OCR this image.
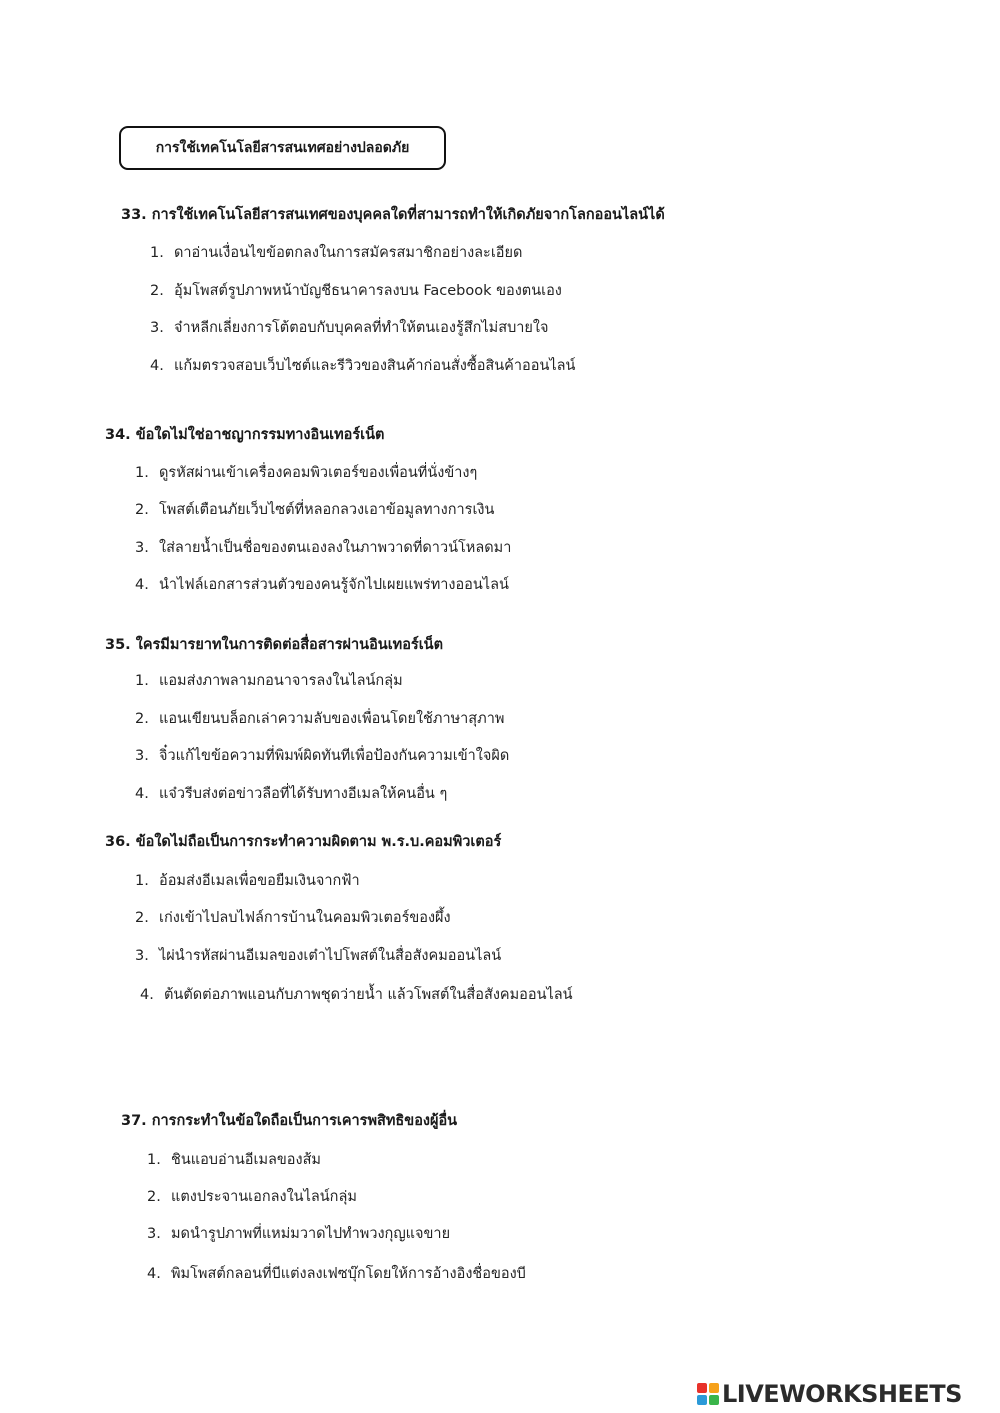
การใช้เทคโนโลยีสารสนเทศอย่างปลอดภัย
33. การใช้เทคโนโลยีสารสนเทศของบุคคลใดที่สามารถทำให้เกิดภัยจากโลกออนไลน์ได้
1. ดาอ่านเงื่อนไขข้อตกลงในการสมัครสมาชิกอย่างละเอียด
2. อุ้มโพสต์รูปภาพหน้าบัญชีธนาคารลงบน Facebook ของตนเอง
3. จ๋าหลีกเลี่ยงการโต้ตอบกับบุคคลที่ทำให้ตนเองรู้สึกไม่สบายใจ
4. แก้มตรวจสอบเว็บไซต์และรีวิวของสินค้าก่อนสั่งซื้อสินค้าออนไลน์
34. ข้อใดไม่ใช่อาชญากรรมทางอินเทอร์เน็ต
1. ดูรหัสผ่านเข้าเครื่องคอมพิวเตอร์ของเพื่อนที่นั่งข้างๆ
2. โพสต์เตือนภัยเว็บไซต์ที่หลอกลวงเอาข้อมูลทางการเงิน
3. ใส่ลายน้ำเป็นชื่อของตนเองลงในภาพวาดที่ดาวน์โหลดมา
4. นำไฟล์เอกสารส่วนตัวของคนรู้จักไปเผยแพร่ทางออนไลน์
35. ใครมีมารยาทในการติดต่อสื่อสารผ่านอินเทอร์เน็ต
1. แอมส่งภาพลามกอนาจารลงในไลน์กลุ่ม
2. แอนเขียนบล็อกเล่าความลับของเพื่อนโดยใช้ภาษาสุภาพ
3. จิ๋วแก้ไขข้อความที่พิมพ์ผิดทันทีเพื่อป้องกันความเข้าใจผิด
4. แจ๋วรีบส่งต่อข่าวลือที่ได้รับทางอีเมลให้คนอื่น ๆ
36. ข้อใดไม่ถือเป็นการกระทำความผิดตาม พ.ร.บ.คอมพิวเตอร์
1. อ้อมส่งอีเมลเพื่อขอยืมเงินจากฟ้า
2. เก่งเข้าไปลบไฟล์การบ้านในคอมพิวเตอร์ของผึ้ง
3. ไผ่นำรหัสผ่านอีเมลของเต๋าไปโพสต์ในสื่อสังคมออนไลน์
4. ต้นตัดต่อภาพแอนกับภาพชุดว่ายน้ำ แล้วโพสต์ในสื่อสังคมออนไลน์
37. การกระทำในข้อใดถือเป็นการเคารพสิทธิของผู้อื่น
1. ชินแอบอ่านอีเมลของส้ม
2. แตงประจานเอกลงในไลน์กลุ่ม
3. มดนำรูปภาพที่แหม่มวาดไปทำพวงกุญแจขาย
4. พิมโพสต์กลอนที่บีแต่งลงเฟซบุ๊กโดยให้การอ้างอิงชื่อของบี
LIVEWORKSHEETS
